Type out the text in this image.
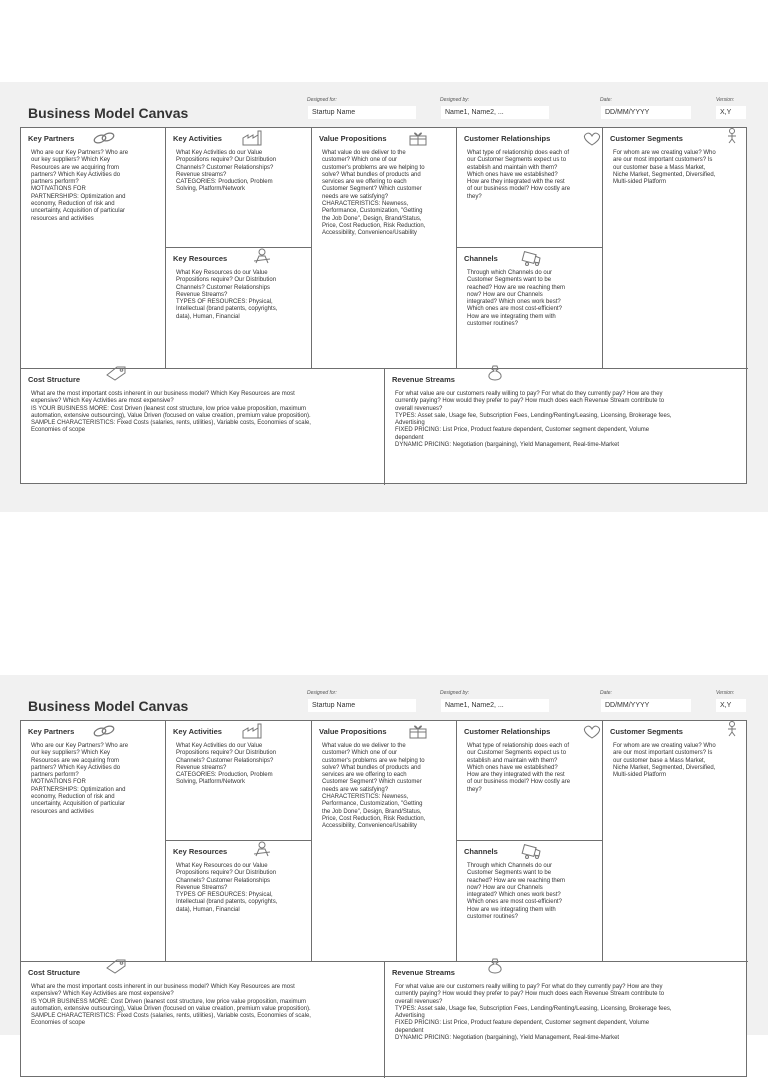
Business Model Canvas
Designed for:
Startup Name
Designed by:
Name1, Name2, ...
Date:
DD/MM/YYYY
Version:
X,Y
Key Partners
Who are our Key Partners? Who are
our key suppliers? Which Key
Resources are we acquiring from
partners? Which Key Activities do
partners perform?
MOTIVATIONS FOR
PARTNERSHIPS: Optimization and
economy, Reduction of risk and
uncertainty, Acquisition of particular
resources and activities
Key Activities
What Key Activities do our Value
Propositions require? Our Distribution
Channels? Customer Relationships?
Revenue streams?
CATEGORIES: Production, Problem
Solving, Platform/Network
Key Resources
What Key Resources do our Value
Propositions require? Our Distribution
Channels? Customer Relationships
Revenue Streams?
TYPES OF RESOURCES: Physical,
Intellectual (brand patents, copyrights,
data), Human, Financial
Value Propositions
What value do we deliver to the
customer? Which one of our
customer's problems are we helping to
solve? What bundles of products and
services are we offering to each
Customer Segment? Which customer
needs are we satisfying?
CHARACTERISTICS: Newness,
Performance, Customization, "Getting
the Job Done", Design, Brand/Status,
Price, Cost Reduction, Risk Reduction,
Accessibility, Convenience/Usability
Customer Relationships
What type of relationship does each of
our Customer Segments expect us to
establish and maintain with them?
Which ones have we established?
How are they integrated with the rest
of our business model? How costly are
they?
Channels
Through which Channels do our
Customer Segments want to be
reached? How are we reaching them
now? How are our Channels
integrated? Which ones work best?
Which ones are most cost-efficient?
How are we integrating them with
customer routines?
Customer Segments
For whom are we creating value? Who
are our most important customers? Is
our customer base a Mass Market,
Niche Market, Segmented, Diversified,
Multi-sided Platform
Cost Structure
What are the most important costs inherent in our business model? Which Key Resources are most
expensive? Which Key Activities are most expensive?
IS YOUR BUSINESS MORE: Cost Driven (leanest cost structure, low price value proposition, maximum
automation, extensive outsourcing), Value Driven (focused on value creation, premium value proposition).
SAMPLE CHARACTERISTICS: Fixed Costs (salaries, rents, utilities), Variable costs, Economies of scale,
Economies of scope
Revenue Streams
For what value are our customers really willing to pay? For what do they currently pay? How are they
currently paying? How would they prefer to pay? How much does each Revenue Stream contribute to
overall revenues?
TYPES: Asset sale, Usage fee, Subscription Fees, Lending/Renting/Leasing, Licensing, Brokerage fees,
Advertising
FIXED PRICING: List Price, Product feature dependent, Customer segment dependent, Volume
dependent
DYNAMIC PRICING: Negotiation (bargaining), Yield Management, Real-time-Market
Business Model Canvas
Designed for:
Startup Name
Designed by:
Name1, Name2, ...
Date:
DD/MM/YYYY
Version:
X,Y
Key Partners
Who are our Key Partners? Who are
our key suppliers? Which Key
Resources are we acquiring from
partners? Which Key Activities do
partners perform?
MOTIVATIONS FOR
PARTNERSHIPS: Optimization and
economy, Reduction of risk and
uncertainty, Acquisition of particular
resources and activities
Key Activities
What Key Activities do our Value
Propositions require? Our Distribution
Channels? Customer Relationships?
Revenue streams?
CATEGORIES: Production, Problem
Solving, Platform/Network
Key Resources
What Key Resources do our Value
Propositions require? Our Distribution
Channels? Customer Relationships
Revenue Streams?
TYPES OF RESOURCES: Physical,
Intellectual (brand patents, copyrights,
data), Human, Financial
Value Propositions
What value do we deliver to the
customer? Which one of our
customer's problems are we helping to
solve? What bundles of products and
services are we offering to each
Customer Segment? Which customer
needs are we satisfying?
CHARACTERISTICS: Newness,
Performance, Customization, "Getting
the Job Done", Design, Brand/Status,
Price, Cost Reduction, Risk Reduction,
Accessibility, Convenience/Usability
Customer Relationships
What type of relationship does each of
our Customer Segments expect us to
establish and maintain with them?
Which ones have we established?
How are they integrated with the rest
of our business model? How costly are
they?
Channels
Through which Channels do our
Customer Segments want to be
reached? How are we reaching them
now? How are our Channels
integrated? Which ones work best?
Which ones are most cost-efficient?
How are we integrating them with
customer routines?
Customer Segments
For whom are we creating value? Who
are our most important customers? Is
our customer base a Mass Market,
Niche Market, Segmented, Diversified,
Multi-sided Platform
Cost Structure
What are the most important costs inherent in our business model? Which Key Resources are most
expensive? Which Key Activities are most expensive?
IS YOUR BUSINESS MORE: Cost Driven (leanest cost structure, low price value proposition, maximum
automation, extensive outsourcing), Value Driven (focused on value creation, premium value proposition).
SAMPLE CHARACTERISTICS: Fixed Costs (salaries, rents, utilities), Variable costs, Economies of scale,
Economies of scope
Revenue Streams
For what value are our customers really willing to pay? For what do they currently pay? How are they
currently paying? How would they prefer to pay? How much does each Revenue Stream contribute to
overall revenues?
TYPES: Asset sale, Usage fee, Subscription Fees, Lending/Renting/Leasing, Licensing, Brokerage fees,
Advertising
FIXED PRICING: List Price, Product feature dependent, Customer segment dependent, Volume
dependent
DYNAMIC PRICING: Negotiation (bargaining), Yield Management, Real-time-Market
